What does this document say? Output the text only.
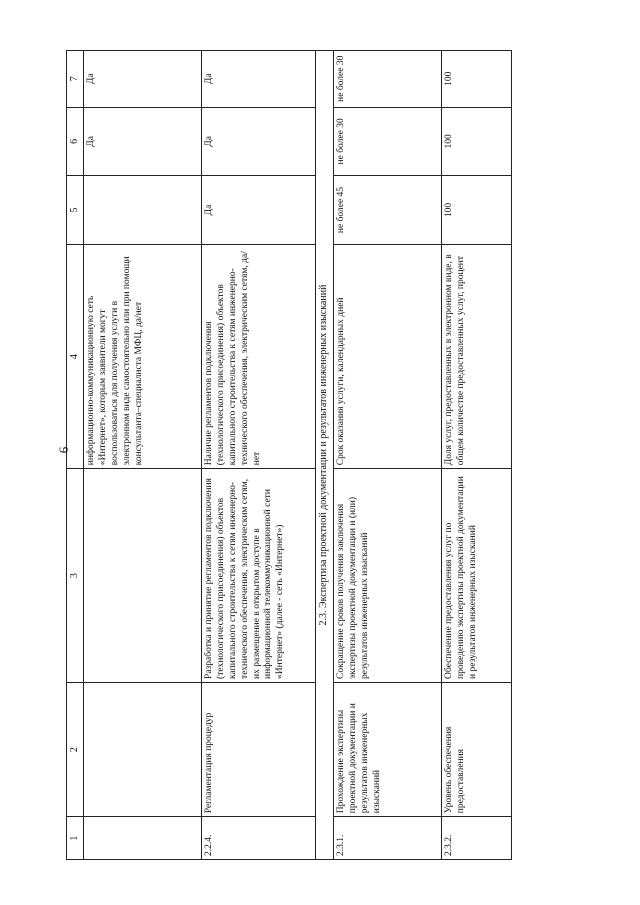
6
1	2	3	4	5	6	7
			информационно-коммуникационную сеть «Интернет», которым заявители могут воспользоваться для получения услуги в электронном виде самостоятельно или при помощи консультанта–специалиста МФЦ, да/нет		Да	Да
2.2.4.	Регламентация процедур	Разработка и принятие регламентов подключения (технологического присоединения) объектов капитального строительства к сетям инженерно-технического обеспечения, электрическим сетям, их размещение в открытом доступе в информационной телекоммуникационной сети «Интернет» (далее - сеть «Интернет»)	Наличие регламентов подключения (технологического присоединения) объектов капитального строительства к сетям инженерно-технического обеспечения, электрическим сетям, да/нет	Да	Да	Да
2.3. Экспертиза проектной документации и результатов инженерных изысканий						
2.3.1.	Прохождение экспертизы проектной документации и результатов инженерных изысканий	Сокращение сроков получения заключения экспертизы проектной документации и (или) результатов инженерных изысканий	Срок оказания услуги, календарных дней	не более 45	не более 30	не более 30
2.3.2.	Уровень обеспечения предоставления	Обеспечение предоставления услуг по проведению экспертизы проектной документации и результатов инженерных изысканий	Доля услуг, предоставленных в электронном виде, в общем количестве предоставленных услуг, процент	100	100	100
